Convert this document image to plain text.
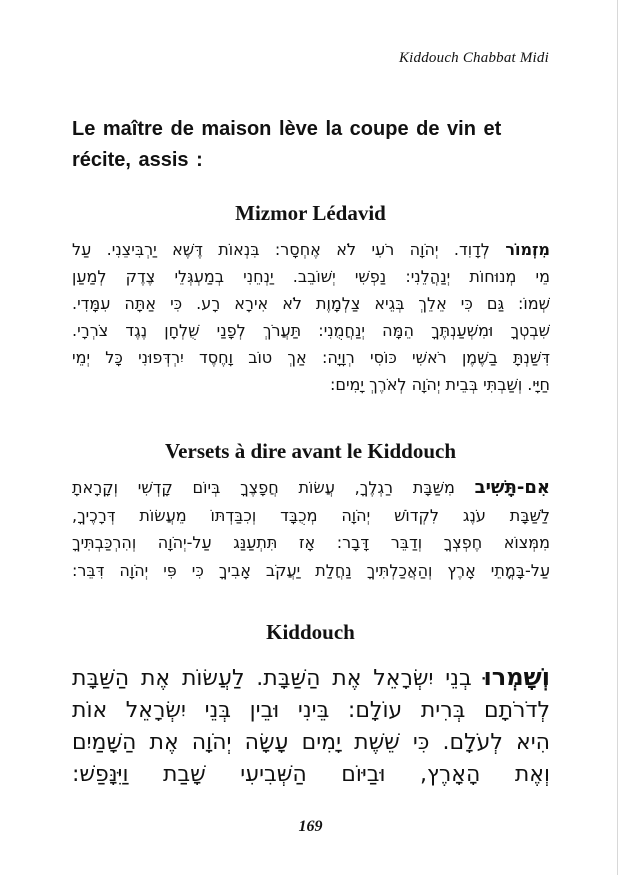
Kiddouch Chabbat Midi
Le maître de maison lève la coupe de vin et récite, assis :
Mizmor Lédavid
מִזְמוֹר לְדָוִד. יְהֹוָה רֹעִי לֹא אֶחְסָר: בִּנְאוֹת דֶּשֶׁא יַרְבִּיצֵנִי. עַל
מֵי מְנוּחוֹת יְנַהֲלֵנִי: נַפְשִׁי יְשׁוֹבֵב. יַנְחֵנִי בְמַעְגְּלֵי צֶדֶק לְמַעַן
שְׁמוֹ: גַּם כִּי אֵלֵךְ בְּגֵיא צַלְמָוֶת לֹא אִירָא רָע. כִּי אַתָּה עִמָּדִי.
שִׁבְטְךָ וּמִשְׁעַנְתֶּךָ הֵמָּה יְנַחֲמֻנִי: תַּעֲרֹךְ לְפָנַי שֻׁלְחָן נֶגֶד צֹרְרָי.
דִּשַּׁנְתָּ בַשֶּׁמֶן רֹאשִׁי כּוֹסִי רְוָיָה: אַךְ טוֹב וָחֶסֶד יִרְדְּפוּנִי כָּל יְמֵי
חַיָּי. וְשַׁבְתִּי בְּבֵית יְהֹוָה לְאֹרֶךְ יָמִים:
Versets à dire avant le Kiddouch
אִם-תָּשִׁיב מִשַּׁבָּת רַגְלֶךָ, עֲשׂוֹת חֲפָצֶךָ בְּיוֹם קָדְשִׁי וְקָרָאתָ
לַשַּׁבָּת עֹנֶג לִקְדוֹשׁ יְהֹוָה מְכֻבָּד וְכִבַּדְתּוֹ מֵעֲשׂוֹת דְּרָכֶיךָ,
מִמְּצוֹא חֶפְצְךָ וְדַבֵּר דָּבָר: אָז תִּתְעַנַּג עַל-יְהֹוָה וְהִרְכַּבְתִּיךָ
עַל-בָּמֳתֵי אָרֶץ וְהַאֲכַלְתִּיךָ נַחֲלַת יַעֲקֹב אָבִיךָ כִּי פִּי יְהֹוָה דִּבֵּר:
Kiddouch
וְשָׁמְרוּ בְנֵי יִשְׂרָאֵל אֶת הַשַּׁבָּת. לַעֲשׂוֹת אֶת הַשַּׁבָּת
לְדֹרֹתָם בְּרִית עוֹלָם: בֵּינִי וּבֵין בְּנֵי יִשְׂרָאֵל אוֹת
הִיא לְעֹלָם. כִּי שֵׁשֶׁת יָמִים עָשָׂה יְהֹוָה אֶת הַשָּׁמַיִם
וְאֶת הָאָרֶץ, וּבַיּוֹם הַשְּׁבִיעִי שָׁבַת וַיִּנָּפַשׁ:
169
